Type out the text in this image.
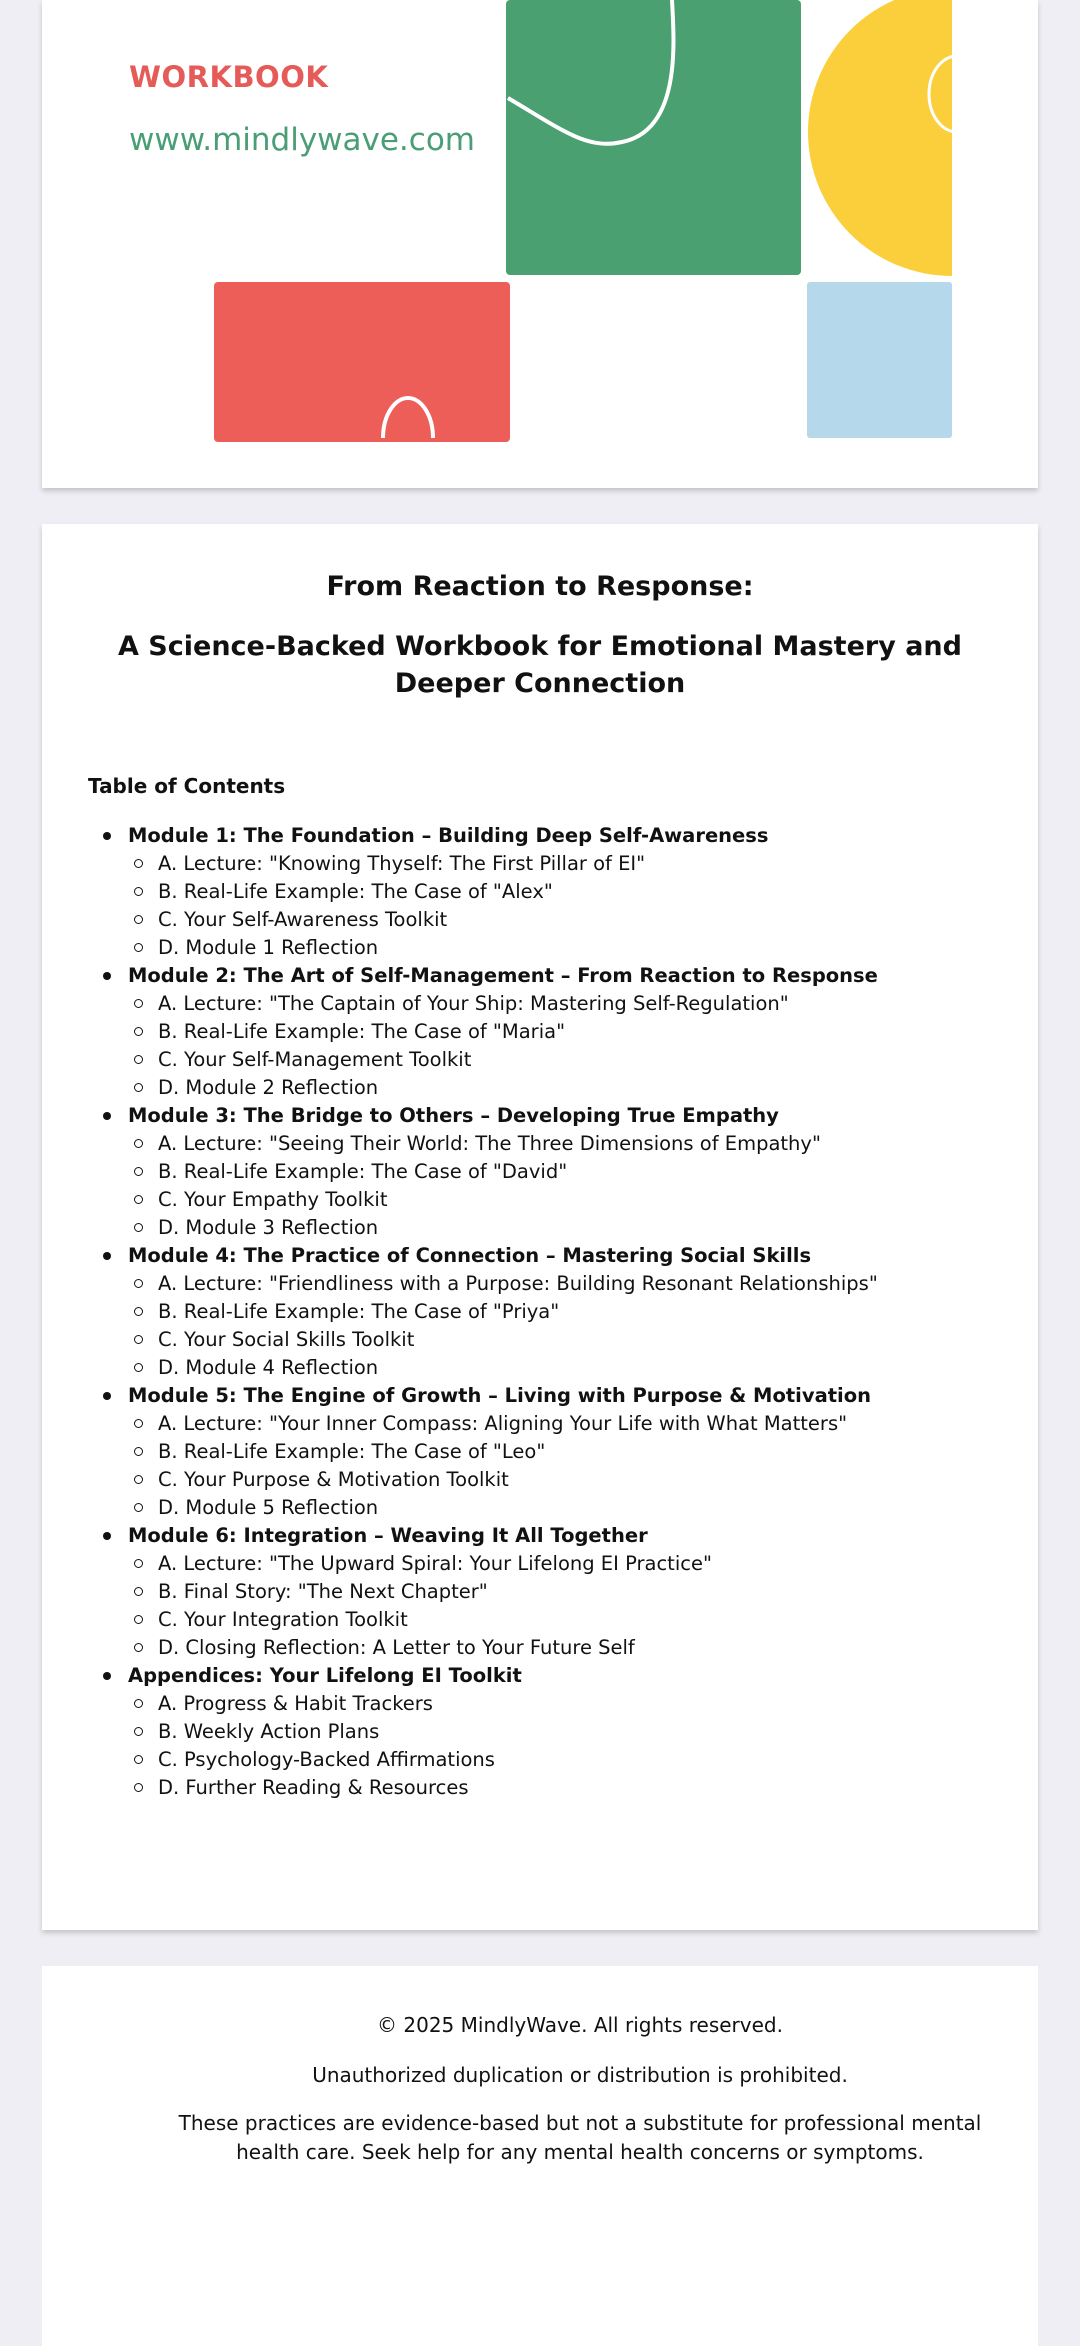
WORKBOOK

www.mindlywave.com

From Reaction to Response:
A Science-Backed Workbook for Emotional Mastery and Deeper Connection

Table of Contents

Module 1: The Foundation – Building Deep Self-Awareness
A. Lecture: "Knowing Thyself: The First Pillar of EI"
B. Real-Life Example: The Case of "Alex"
C. Your Self-Awareness Toolkit
D. Module 1 Reflection
Module 2: The Art of Self-Management – From Reaction to Response
A. Lecture: "The Captain of Your Ship: Mastering Self-Regulation"
B. Real-Life Example: The Case of "Maria"
C. Your Self-Management Toolkit
D. Module 2 Reflection
Module 3: The Bridge to Others – Developing True Empathy
A. Lecture: "Seeing Their World: The Three Dimensions of Empathy"
B. Real-Life Example: The Case of "David"
C. Your Empathy Toolkit
D. Module 3 Reflection
Module 4: The Practice of Connection – Mastering Social Skills
A. Lecture: "Friendliness with a Purpose: Building Resonant Relationships"
B. Real-Life Example: The Case of "Priya"
C. Your Social Skills Toolkit
D. Module 4 Reflection
Module 5: The Engine of Growth – Living with Purpose & Motivation
A. Lecture: "Your Inner Compass: Aligning Your Life with What Matters"
B. Real-Life Example: The Case of "Leo"
C. Your Purpose & Motivation Toolkit
D. Module 5 Reflection
Module 6: Integration – Weaving It All Together
A. Lecture: "The Upward Spiral: Your Lifelong EI Practice"
B. Final Story: "The Next Chapter"
C. Your Integration Toolkit
D. Closing Reflection: A Letter to Your Future Self
Appendices: Your Lifelong EI Toolkit
A. Progress & Habit Trackers
B. Weekly Action Plans
C. Psychology-Backed Affirmations
D. Further Reading & Resources

© 2025 MindlyWave. All rights reserved.

Unauthorized duplication or distribution is prohibited.

These practices are evidence-based but not a substitute for professional mental health care. Seek help for any mental health concerns or symptoms.
